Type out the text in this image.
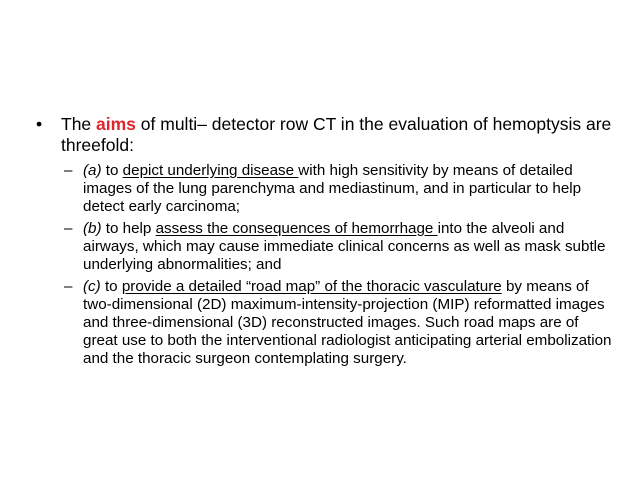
• The aims of multi– detector row CT in the evaluation of hemoptysis are threefold:
– (a) to depict underlying disease with high sensitivity by means of detailed images of the lung parenchyma and mediastinum, and in particular to help detect early carcinoma;
– (b) to help assess the consequences of hemorrhage into the alveoli and airways, which may cause immediate clinical concerns as well as mask subtle underlying abnormalities; and
– (c) to provide a detailed “road map” of the thoracic vasculature by means of two-dimensional (2D) maximum-intensity-projection (MIP) reformatted images and three-dimensional (3D) reconstructed images. Such road maps are of great use to both the interventional radiologist anticipating arterial embolization and the thoracic surgeon contemplating surgery.
